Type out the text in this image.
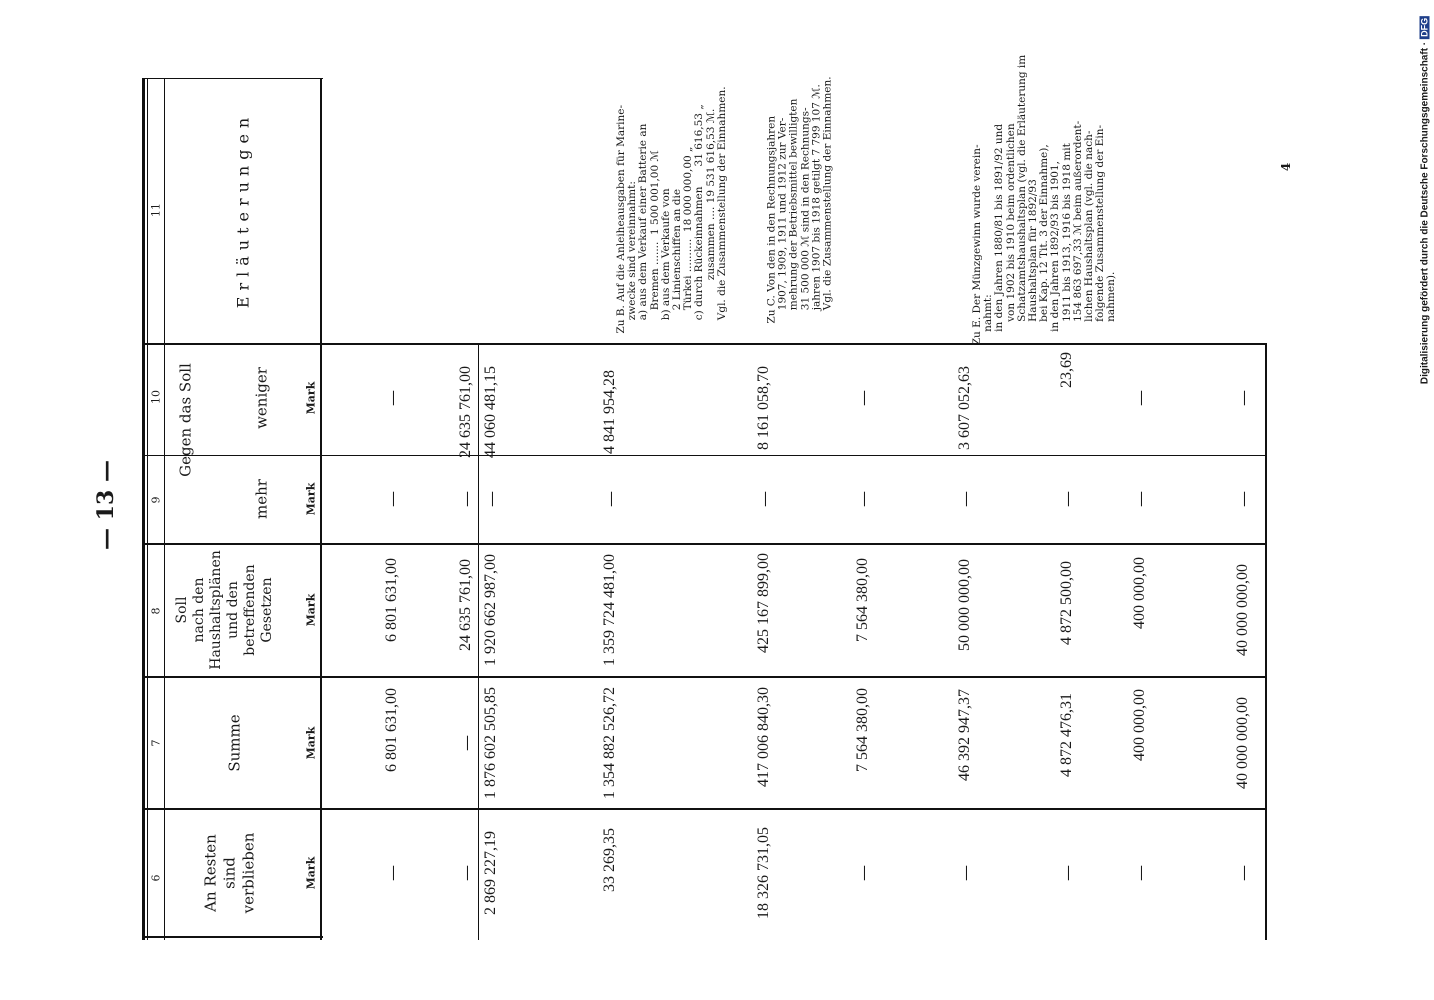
— 13 —
6
7
8
9
10
11
An Resten
sind
verblieben
Summe
Soll
nach den
Haushaltsplänen
und den
betreffenden
Gesetzen
Gegen das Soll
mehr
weniger
Erläuterungen
Mark
Mark
Mark
Mark
Mark
—
6 801 631,00
6 801 631,00
—
—
—
—
24 635 761,00
—
24 635 761,00
2 869 227,19
1 876 602 505,85
1 920 662 987,00
—
44 060 481,15
33 269,35
1 354 882 526,72
1 359 724 481,00
—
4 841 954,28
18 326 731,05
417 006 840,30
425 167 899,00
—
8 161 058,70
—
7 564 380,00
7 564 380,00
—
—
—
46 392 947,37
50 000 000,00
—
3 607 052,63
—
4 872 476,31
4 872 500,00
—
23,69
—
400 000,00
400 000,00
—
—
—
40 000 000,00
40 000 000,00
—
—
Zu B. Auf die Anleiheausgaben für Marine-
zwecke sind vereinnahmt:
a) aus dem Verkauf einer Batterie an
Bremen .......  1 500 001,00 ℳ
b) aus dem Verkaufe von
2 Linienschiffen an die
Türkei ..........  18 000 000,00 „
c) durch Rückeinnahmen      31 616,53 „
zusammen .... 19 531 616,53 ℳ.
Vgl. die Zusammenstellung der Einnahmen.
Zu C. Von den in den Rechnungsjahren
1907, 1909, 1911 und 1912 zur Ver-
mehrung der Betriebsmittel bewilligten
31 500 000 ℳ sind in den Rechnungs-
jahren 1907 bis 1918 getilgt 7 799 107 ℳ.
Vgl. die Zusammenstellung der Einnahmen.
Zu E. Der Münzgewinn wurde verein-
nahmt:
in den Jahren 1880/81 bis 1891/92 und
von 1902 bis 1910 beim ordentlichen
Schatzamtshaushaltsplan (vgl. die Erläuterung im
Haushaltsplan für 1892/93
bei Kap. 12 Tit. 3 der Einnahme),
in den Jahren 1892/93 bis 1901,
1911 bis 1913, 1916 bis 1918 mit
154 863 697,33 ℳ beim außerordent-
lichen Haushaltsplan (vgl. die nach-
folgende Zusammenstellung der Ein-
nahmen).
4	Digitalisierung gefördert durch die Deutsche Forschungsgemeinschaft ·DFG
